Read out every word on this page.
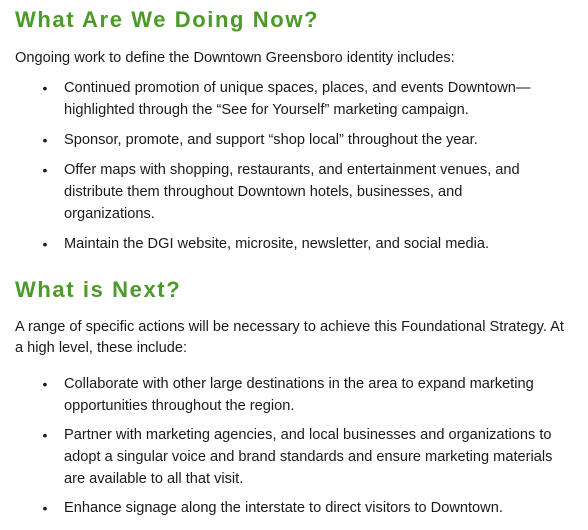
What Are We Doing Now?

Ongoing work to define the Downtown Greensboro identity includes:

• Continued promotion of unique spaces, places, and events Downtown— highlighted through the “See for Yourself” marketing campaign.
• Sponsor, promote, and support “shop local” throughout the year.
• Offer maps with shopping, restaurants, and entertainment venues, and distribute them throughout Downtown hotels, businesses, and organizations.
• Maintain the DGI website, microsite, newsletter, and social media.
What is Next?

A range of specific actions will be necessary to achieve this Foundational Strategy. At a high level, these include:

• Collaborate with other large destinations in the area to expand marketing opportunities throughout the region.
• Partner with marketing agencies, and local businesses and organizations to adopt a singular voice and brand standards and ensure marketing materials are available to all that visit.
• Enhance signage along the interstate to direct visitors to Downtown.
